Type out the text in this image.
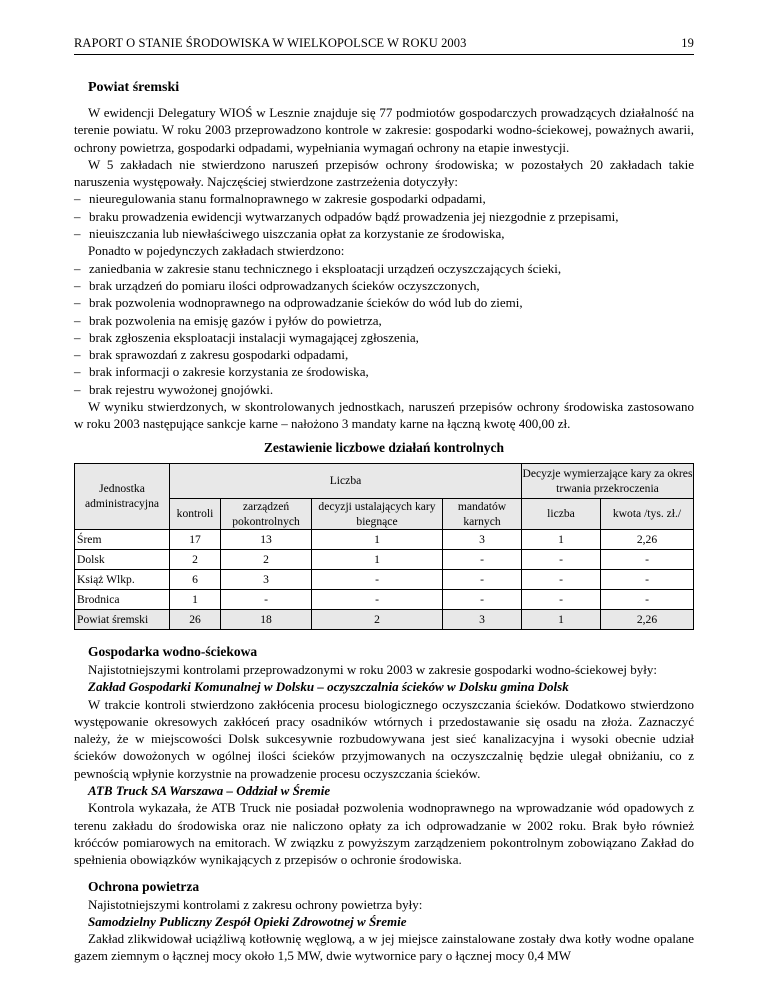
RAPORT O STANIE ŚRODOWISKA W WIELKOPOLSCE W ROKU 2003	19
Powiat śremski

W ewidencji Delegatury WIOŚ w Lesznie znajduje się 77 podmiotów gospodarczych prowadzących działalność na terenie powiatu. W roku 2003 przeprowadzono kontrole w zakresie: gospodarki wodno-ściekowej, poważnych awarii, ochrony powietrza, gospodarki odpadami, wypełniania wymagań ochrony na etapie inwestycji.

W 5 zakładach nie stwierdzono naruszeń przepisów ochrony środowiska; w pozostałych 20 zakładach takie naruszenia występowały. Najczęściej stwierdzone zastrzeżenia dotyczyły:

– nieuregulowania stanu formalnoprawnego w zakresie gospodarki odpadami,
– braku prowadzenia ewidencji wytwarzanych odpadów bądź prowadzenia jej niezgodnie z przepisami,
– nieuiszczania lub niewłaściwego uiszczania opłat za korzystanie ze środowiska,

Ponadto w pojedynczych zakładach stwierdzono:

– zaniedbania w zakresie stanu technicznego i eksploatacji urządzeń oczyszczających ścieki,
– brak urządzeń do pomiaru ilości odprowadzanych ścieków oczyszczonych,
– brak pozwolenia wodnoprawnego na odprowadzanie ścieków do wód lub do ziemi,
– brak pozwolenia na emisję gazów i pyłów do powietrza,
– brak zgłoszenia eksploatacji instalacji wymagającej zgłoszenia,
– brak sprawozdań z zakresu gospodarki odpadami,
– brak informacji o zakresie korzystania ze środowiska,
– brak rejestru wywożonej gnojówki.

W wyniku stwierdzonych, w skontrolowanych jednostkach, naruszeń przepisów ochrony środowiska zastosowano w roku 2003 następujące sankcje karne – nałożono 3 mandaty karne na łączną kwotę 400,00 zł.

Zestawienie liczbowe działań kontrolnych
Jednostka administracyjna	Liczba				Decyzje wymierzające kary za okres trwania przekroczenia	
	kontroli	zarządzeń pokontrolnych	decyzji ustalających kary biegnące	mandatów karnych	liczba	kwota /tys. zł./
Śrem	17	13	1	3	1	2,26
Dolsk	2	2	1	-	-	-
Książ Wlkp.	6	3	-	-	-	-
Brodnica	1	-	-	-	-	-
Powiat śremski	26	18	2	3	1	2,26
Gospodarka wodno-ściekowa

Najistotniejszymi kontrolami przeprowadzonymi w roku 2003 w zakresie gospodarki wodno-ściekowej były:

Zakład Gospodarki Komunalnej w Dolsku – oczyszczalnia ścieków w Dolsku gmina Dolsk

W trakcie kontroli stwierdzono zakłócenia procesu biologicznego oczyszczania ścieków. Dodatkowo stwierdzono występowanie okresowych zakłóceń pracy osadników wtórnych i przedostawanie się osadu na złoża. Zaznaczyć należy, że w miejscowości Dolsk sukcesywnie rozbudowywana jest sieć kanalizacyjna i wysoki obecnie udział ścieków dowożonych w ogólnej ilości ścieków przyjmowanych na oczyszczalnię będzie ulegał obniżaniu, co z pewnością wpłynie korzystnie na prowadzenie procesu oczyszczania ścieków.

ATB Truck SA Warszawa – Oddział w Śremie

Kontrola wykazała, że ATB Truck nie posiadał pozwolenia wodnoprawnego na wprowadzanie wód opadowych z terenu zakładu do środowiska oraz nie naliczono opłaty za ich odprowadzanie w 2002 roku. Brak było również króćców pomiarowych na emitorach. W związku z powyższym zarządzeniem pokontrolnym zobowiązano Zakład do spełnienia obowiązków wynikających z przepisów o ochronie środowiska.

Ochrona powietrza

Najistotniejszymi kontrolami z zakresu ochrony powietrza były:

Samodzielny Publiczny Zespół Opieki Zdrowotnej w Śremie

Zakład zlikwidował uciążliwą kotłownię węglową, a w jej miejsce zainstalowane zostały dwa kotły wodne opalane gazem ziemnym o łącznej mocy około 1,5 MW, dwie wytwornice pary o łącznej mocy 0,4 MW
